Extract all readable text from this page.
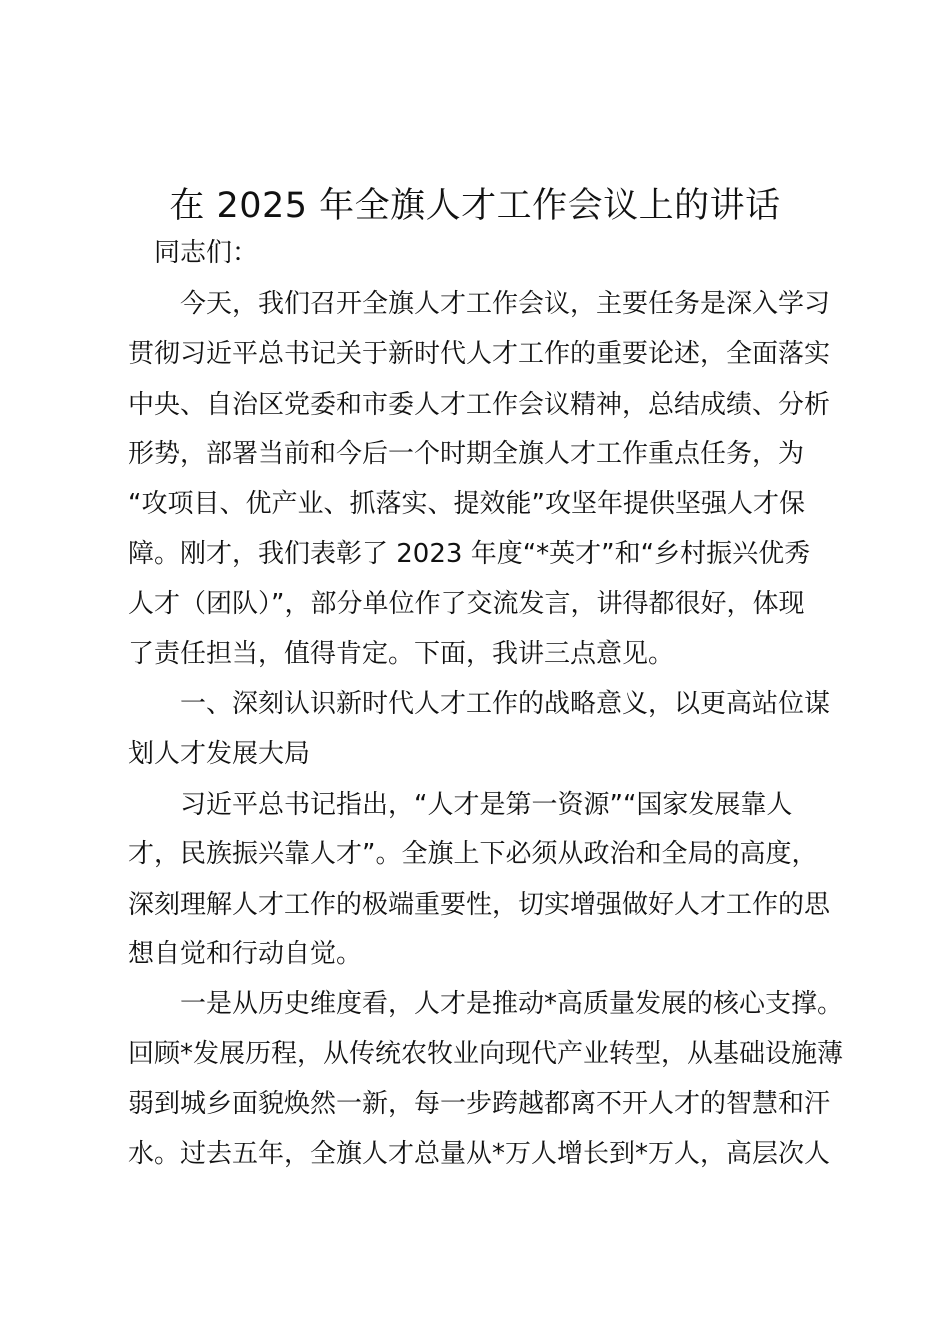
在 2025 年全旗人才工作会议上的讲话
　同志们：
　　今天，我们召开全旗人才工作会议，主要任务是深入学习
贯彻习近平总书记关于新时代人才工作的重要论述，全面落实
中央、自治区党委和市委人才工作会议精神，总结成绩、分析
形势，部署当前和今后一个时期全旗人才工作重点任务，为
“攻项目、优产业、抓落实、提效能”攻坚年提供坚强人才保
障。刚才，我们表彰了 2023 年度“*英才”和“乡村振兴优秀
人才（团队）”，部分单位作了交流发言，讲得都很好，体现
了责任担当，值得肯定。下面，我讲三点意见。
　　一、深刻认识新时代人才工作的战略意义，以更高站位谋
划人才发展大局
　　习近平总书记指出，“人才是第一资源”“国家发展靠人
才，民族振兴靠人才”。全旗上下必须从政治和全局的高度，
深刻理解人才工作的极端重要性，切实增强做好人才工作的思
想自觉和行动自觉。
　　一是从历史维度看，人才是推动*高质量发展的核心支撑。
回顾*发展历程，从传统农牧业向现代产业转型，从基础设施薄
弱到城乡面貌焕然一新，每一步跨越都离不开人才的智慧和汗
水。过去五年，全旗人才总量从*万人增长到*万人，高层次人
